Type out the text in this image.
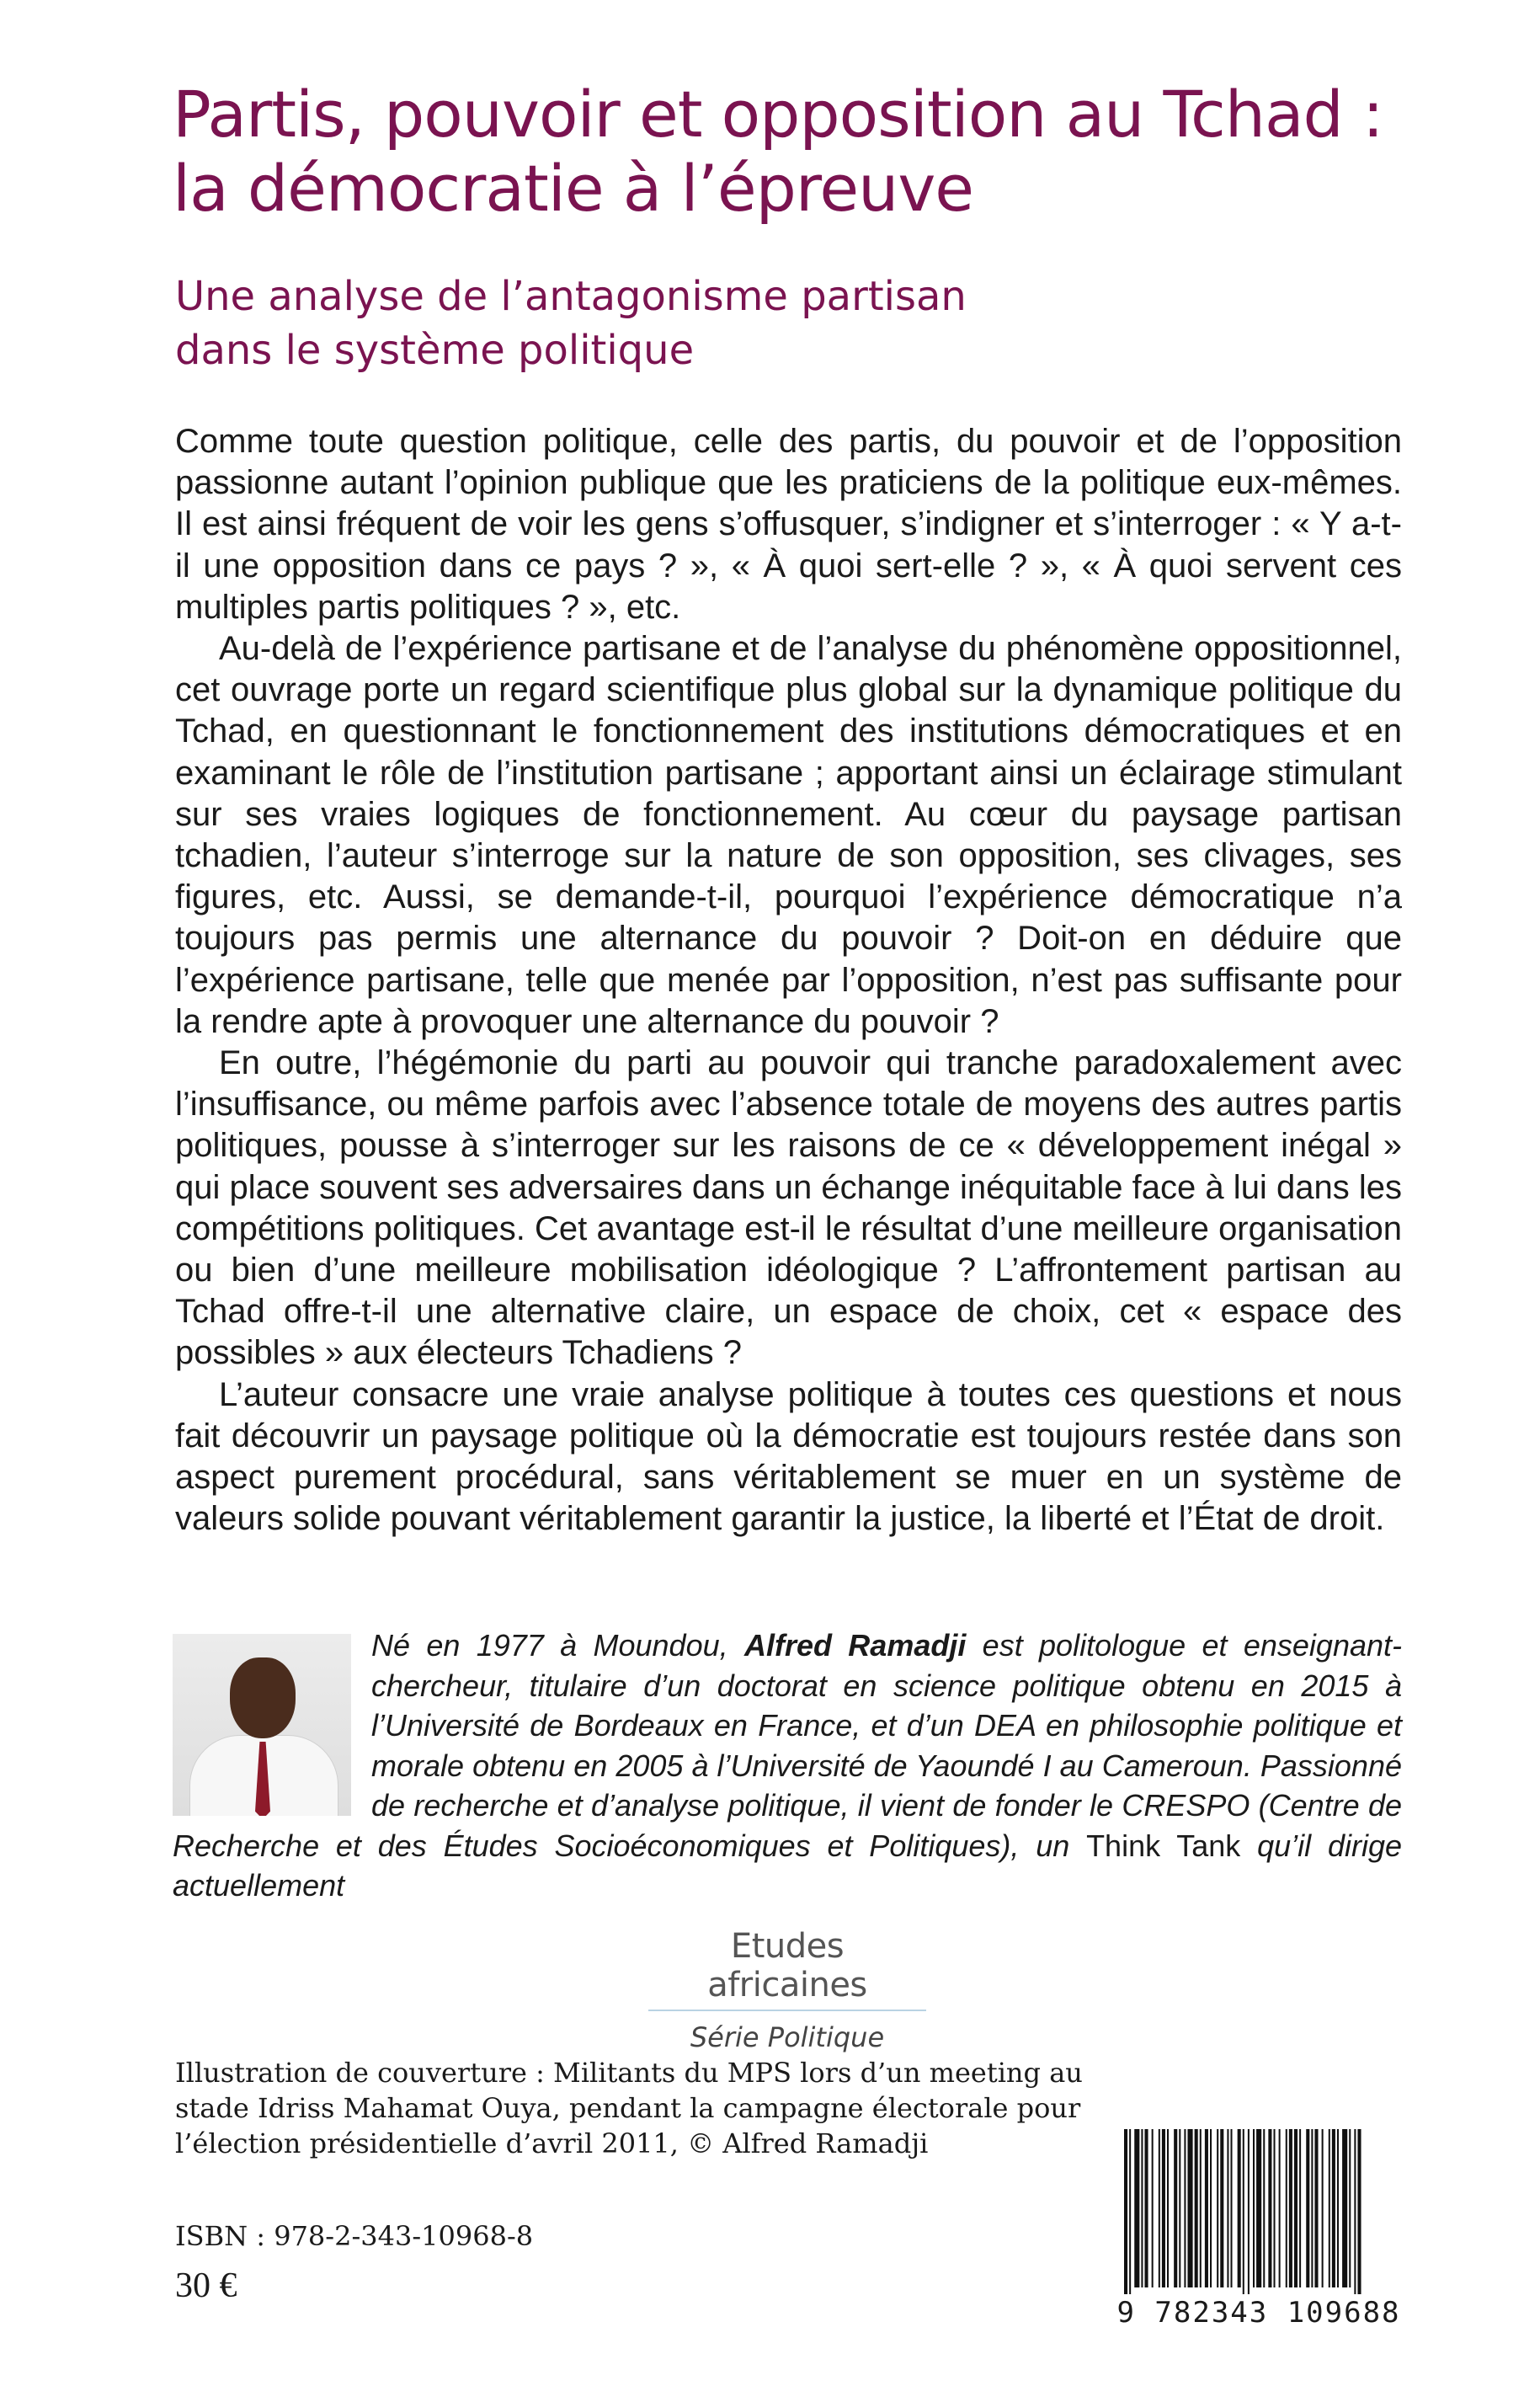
Partis, pouvoir et opposition au Tchad :
la démocratie à l’épreuve
Une analyse de l’antagonisme partisan
dans le système politique

Comme toute question politique, celle des partis, du pouvoir et de l’opposition passionne autant l’opinion publique que les praticiens de la politique eux-mêmes. Il est ainsi fréquent de voir les gens s’offusquer, s’indigner et s’interroger : « Y a-t-il une opposition dans ce pays ? », « À quoi sert-elle ? », « À quoi servent ces multiples partis politiques ? », etc.

Au-delà de l’expérience partisane et de l’analyse du phénomène oppositionnel, cet ouvrage porte un regard scientifique plus global sur la dynamique politique du Tchad, en questionnant le fonctionnement des institutions démocratiques et en examinant le rôle de l’institution partisane ; apportant ainsi un éclairage stimulant sur ses vraies logiques de fonctionnement. Au cœur du paysage partisan tchadien, l’auteur s’interroge sur la nature de son opposition, ses clivages, ses figures, etc. Aussi, se demande-t-il, pourquoi l’expérience démocratique n’a toujours pas permis une alternance du pouvoir ? Doit-on en déduire que l’expérience partisane, telle que menée par l’opposition, n’est pas suffisante pour la rendre apte à provoquer une alternance du pouvoir ?

En outre, l’hégémonie du parti au pouvoir qui tranche paradoxalement avec l’insuffisance, ou même parfois avec l’absence totale de moyens des autres partis politiques, pousse à s’interroger sur les raisons de ce « développement inégal » qui place souvent ses adversaires dans un échange inéquitable face à lui dans les compétitions politiques. Cet avantage est-il le résultat d’une meilleure organisation ou bien d’une meilleure mobilisation idéologique ? L’affrontement partisan au Tchad offre-t-il une alternative claire, un espace de choix, cet « espace des possibles » aux électeurs Tchadiens ?

L’auteur consacre une vraie analyse politique à toutes ces questions et nous fait découvrir un paysage politique où la démocratie est toujours restée dans son aspect purement procédural, sans véritablement se muer en un système de valeurs solide pouvant véritablement garantir la justice, la liberté et l’État de droit.

Né en 1977 à Moundou, Alfred Ramadji est politologue et enseignant-chercheur, titulaire d’un doctorat en science politique obtenu en 2015 à l’Université de Bordeaux en France, et d’un DEA en philosophie politique et morale obtenu en 2005 à l’Université de Yaoundé I au Cameroun. Passionné de recherche et d’analyse politique, il vient de fonder le CRESPO (Centre de Recherche et des Études Socioéconomiques et Politiques), un Think Tank qu’il dirige actuellement

Etudes africaines
Série Politique
Illustration de couverture : Militants du MPS lors d’un meeting au
stade Idriss Mahamat Ouya, pendant la campagne électorale pour
l’élection présidentielle d’avril 2011, © Alfred Ramadji
ISBN : 978-2-343-10968-8
30 €
9 782343 109688
